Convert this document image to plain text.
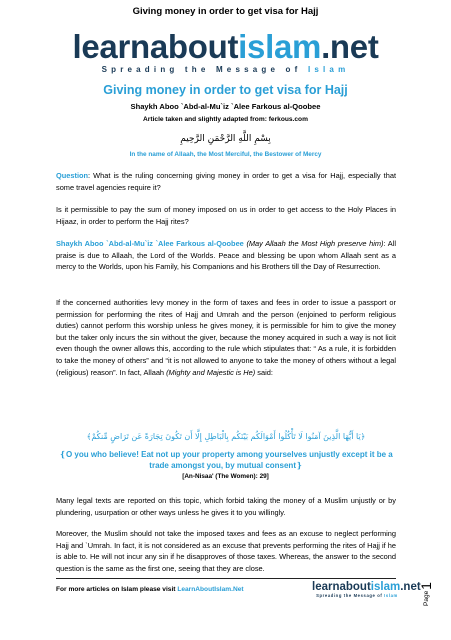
Giving money in order to get visa for Hajj
learnaboutislam.net
Spreading the Message of Islam
Giving money in order to get visa for Hajj
Shaykh Aboo `Abd-al-Mu`iz `Alee Farkous al-Qoobee
Article taken and slightly adapted from: ferkous.com
بِسْمِ اللَّهِ الرَّحْمَنِ الرَّحِيمِ
In the name of Allaah, the Most Merciful, the Bestower of Mercy

Question: What is the ruling concerning giving money in order to get a visa for Hajj, especially that some travel agencies require it?

Is it permissible to pay the sum of money imposed on us in order to get access to the Holy Places in Hijaaz, in order to perform the Hajj rites?

Shaykh Aboo `Abd-al-Mu`iz `Alee Farkous al-Qoobee (May Allaah the Most High preserve him): All praise is due to Allaah, the Lord of the Worlds. Peace and blessing be upon whom Allaah sent as a mercy to the Worlds, upon his Family, his Companions and his Brothers till the Day of Resurrection.

If the concerned authorities levy money in the form of taxes and fees in order to issue a passport or permission for performing the rites of Hajj and Umrah and the person (enjoined to perform religious duties) cannot perform this worship unless he gives money, it is permissible for him to give the money but the taker only incurs the sin without the giver, because the money acquired in such a way is not licit even though the owner allows this, according to the rule which stipulates that: “ As a rule, it is forbidden to take the money of others” and “it is not allowed to anyone to take the money of others without a legal (religious) reason”. In fact, Allaah (Mighty and Majestic is He) said:

﴿يَا أَيُّهَا الَّذِينَ آمَنُوا لَا تَأْكُلُوا أَمْوَالَكُم بَيْنَكُم بِالْبَاطِلِ إِلَّا أَن تَكُونَ تِجَارَةً عَن تَرَاضٍ مِّنكُمْ﴾
❴O you who believe! Eat not up your property among yourselves unjustly except it be a trade amongst you, by mutual consent❵
[An-Nisaa' (The Women): 29]

Many legal texts are reported on this topic, which forbid taking the money of a Muslim unjustly or by plundering, usurpation or other ways unless he gives it to you willingly.

Moreover, the Muslim should not take the imposed taxes and fees as an excuse to neglect performing Hajj and `Umrah. In fact, it is not considered as an excuse that prevents performing the rites of Hajj if he is able to. He will not incur any sin if he disapproves of those taxes. Whereas, the answer to the second question is the same as the first one, seeing that they are close.

For more articles on Islam please visit LearnAboutIslam.Net	learnaboutislam.net
Spreading the Message of Islam	Page
1
